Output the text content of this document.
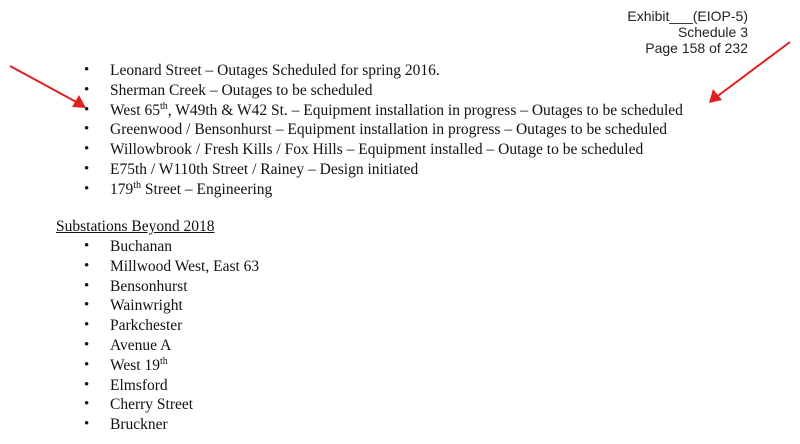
Exhibit___(EIOP-5)
Schedule 3
Page 158 of 232
• Leonard Street – Outages Scheduled for spring 2016.
• Sherman Creek – Outages to be scheduled
• West 65th, W49th & W42 St. – Equipment installation in progress – Outages to be scheduled
• Greenwood / Bensonhurst – Equipment installation in progress – Outages to be scheduled
• Willowbrook / Fresh Kills / Fox Hills – Equipment installed – Outage to be scheduled
• E75th / W110th Street / Rainey – Design initiated
• 179th Street – Engineering
Substations Beyond 2018
• Buchanan
• Millwood West, East 63
• Bensonhurst
• Wainwright
• Parkchester
• Avenue A
• West 19th
• Elmsford
• Cherry Street
• Bruckner
